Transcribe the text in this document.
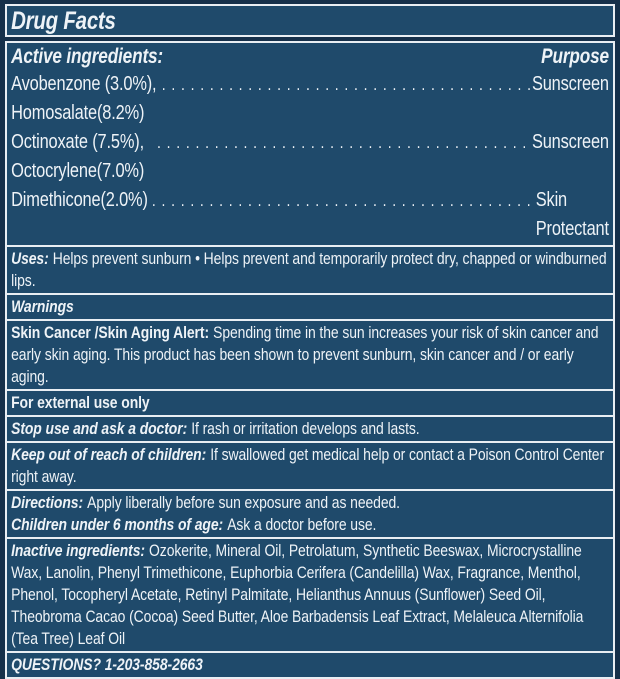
Drug Facts
Active ingredients:	Purpose
Avobenzone (3.0%), Homosalate(8.2%)
.....
Sunscreen
Octinoxate (7.5%), Octocrylene(7.0%)
.....
Sunscreen
Dimethicone(2.0%) .....	Skin Protectant

Uses: Helps prevent sunburn • Helps prevent and temporarily protect dry, chapped or windburned lips.

Warnings

Skin Cancer /Skin Aging Alert: Spending time in the sun increases your risk of skin cancer and early skin aging. This product has been shown to prevent sunburn, skin cancer and / or early aging.

For external use only

Stop use and ask a doctor: If rash or irritation develops and lasts.

Keep out of reach of children: If swallowed get medical help or contact a Poison Control Center right away.

Directions: Apply liberally before sun exposure and as needed.

Children under 6 months of age: Ask a doctor before use.

Inactive ingredients: Ozokerite, Mineral Oil, Petrolatum, Synthetic Beeswax, Microcrystalline Wax, Lanolin, Phenyl Trimethicone, Euphorbia Cerifera (Candelilla) Wax, Fragrance, Menthol, Phenol, Tocopheryl Acetate, Retinyl Palmitate, Helianthus Annuus (Sunflower) Seed Oil, Theobroma Cacao (Cocoa) Seed Butter, Aloe Barbadensis Leaf Extract, Melaleuca Alternifolia (Tea Tree) Leaf Oil

QUESTIONS? 1-203-858-2663
